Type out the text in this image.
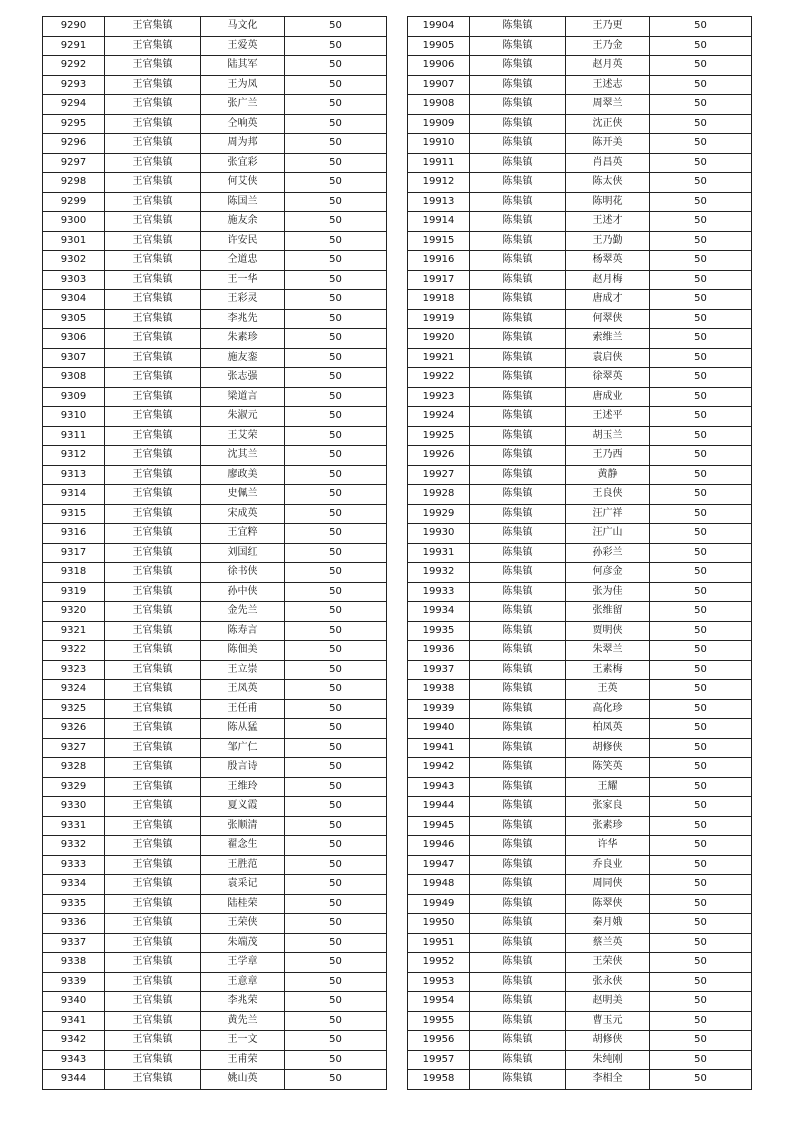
9290	王官集镇	马文化	50
9291	王官集镇	王爱英	50
9292	王官集镇	陆其军	50
9293	王官集镇	王为凤	50
9294	王官集镇	张广兰	50
9295	王官集镇	仝响英	50
9296	王官集镇	周为邦	50
9297	王官集镇	张宜彩	50
9298	王官集镇	何艾侠	50
9299	王官集镇	陈国兰	50
9300	王官集镇	施友余	50
9301	王官集镇	许安民	50
9302	王官集镇	仝道忠	50
9303	王官集镇	王一华	50
9304	王官集镇	王彩灵	50
9305	王官集镇	李兆先	50
9306	王官集镇	朱素珍	50
9307	王官集镇	施友銮	50
9308	王官集镇	张志强	50
9309	王官集镇	梁道言	50
9310	王官集镇	朱淑元	50
9311	王官集镇	王艾荣	50
9312	王官集镇	沈其兰	50
9313	王官集镇	廖政美	50
9314	王官集镇	史佩兰	50
9315	王官集镇	宋成英	50
9316	王官集镇	王宜粹	50
9317	王官集镇	刘国红	50
9318	王官集镇	徐书侠	50
9319	王官集镇	孙中侠	50
9320	王官集镇	金先兰	50
9321	王官集镇	陈寿言	50
9322	王官集镇	陈佃美	50
9323	王官集镇	王立崇	50
9324	王官集镇	王凤英	50
9325	王官集镇	王任甫	50
9326	王官集镇	陈从猛	50
9327	王官集镇	邹广仁	50
9328	王官集镇	殷言诗	50
9329	王官集镇	王维玲	50
9330	王官集镇	夏义霞	50
9331	王官集镇	张顺清	50
9332	王官集镇	翟念生	50
9333	王官集镇	王胜范	50
9334	王官集镇	袁采记	50
9335	王官集镇	陆桂荣	50
9336	王官集镇	王荣侠	50
9337	王官集镇	朱端茂	50
9338	王官集镇	王学章	50
9339	王官集镇	王意章	50
9340	王官集镇	李兆荣	50
9341	王官集镇	黄先兰	50
9342	王官集镇	王一文	50
9343	王官集镇	王甫荣	50
9344	王官集镇	姚山英	50
19904	陈集镇	王乃更	50
19905	陈集镇	王乃金	50
19906	陈集镇	赵月英	50
19907	陈集镇	王述志	50
19908	陈集镇	周翠兰	50
19909	陈集镇	沈正侠	50
19910	陈集镇	陈开美	50
19911	陈集镇	肖昌英	50
19912	陈集镇	陈太侠	50
19913	陈集镇	陈明花	50
19914	陈集镇	王述才	50
19915	陈集镇	王乃勤	50
19916	陈集镇	杨翠英	50
19917	陈集镇	赵月梅	50
19918	陈集镇	唐成才	50
19919	陈集镇	何翠侠	50
19920	陈集镇	索维兰	50
19921	陈集镇	袁启侠	50
19922	陈集镇	徐翠英	50
19923	陈集镇	唐成业	50
19924	陈集镇	王述平	50
19925	陈集镇	胡玉兰	50
19926	陈集镇	王乃西	50
19927	陈集镇	黄静	50
19928	陈集镇	王良侠	50
19929	陈集镇	汪广祥	50
19930	陈集镇	汪广山	50
19931	陈集镇	孙彩兰	50
19932	陈集镇	何彦金	50
19933	陈集镇	张为佳	50
19934	陈集镇	张维留	50
19935	陈集镇	贾明侠	50
19936	陈集镇	朱翠兰	50
19937	陈集镇	王素梅	50
19938	陈集镇	王英	50
19939	陈集镇	高化珍	50
19940	陈集镇	柏凤英	50
19941	陈集镇	胡修侠	50
19942	陈集镇	陈笑英	50
19943	陈集镇	王耀	50
19944	陈集镇	张家良	50
19945	陈集镇	张素珍	50
19946	陈集镇	许华	50
19947	陈集镇	乔良业	50
19948	陈集镇	周同侠	50
19949	陈集镇	陈翠侠	50
19950	陈集镇	秦月娥	50
19951	陈集镇	蔡兰英	50
19952	陈集镇	王荣侠	50
19953	陈集镇	张永侠	50
19954	陈集镇	赵明美	50
19955	陈集镇	曹玉元	50
19956	陈集镇	胡修侠	50
19957	陈集镇	朱纯刚	50
19958	陈集镇	李相全	50
